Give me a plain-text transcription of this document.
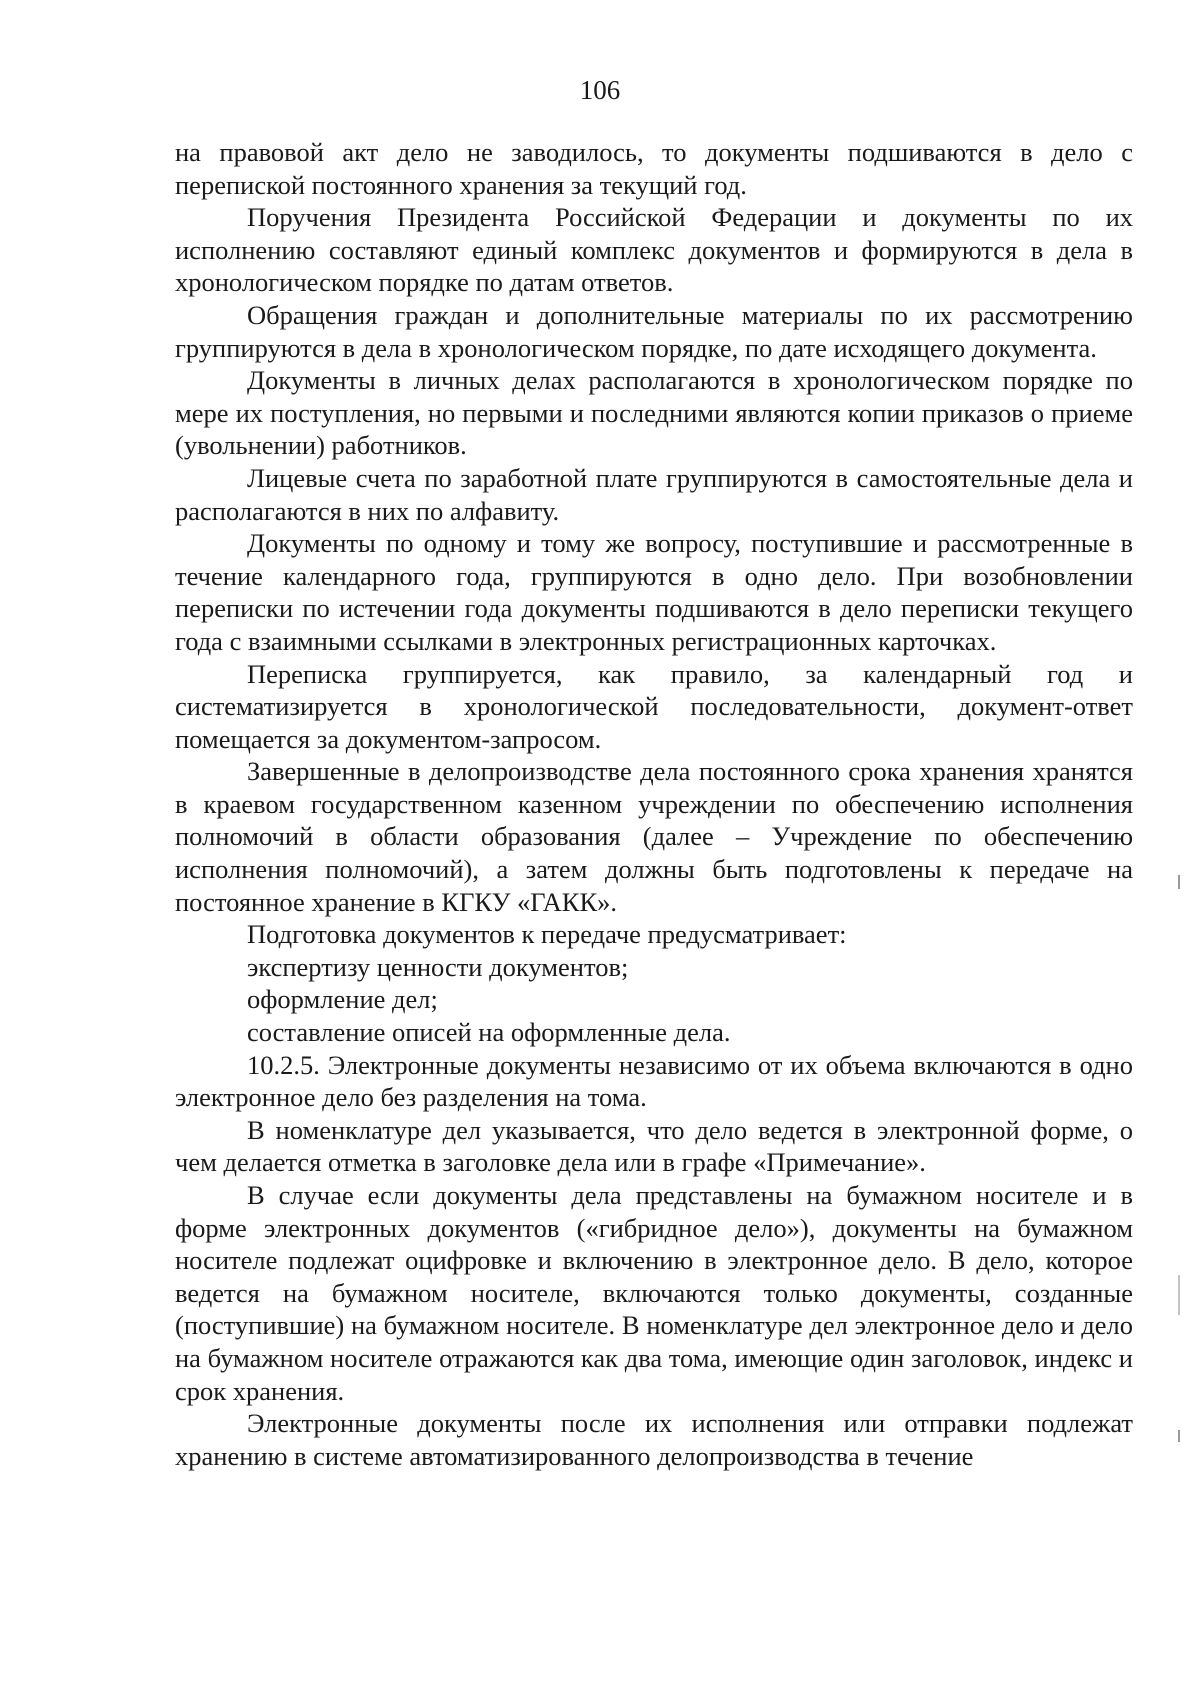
106

на правовой акт дело не заводилось, то документы подшиваются в дело с перепиской постоянного хранения за текущий год.

Поручения Президента Российской Федерации и документы по их исполнению составляют единый комплекс документов и формируются в дела в хронологическом порядке по датам ответов.

Обращения граждан и дополнительные материалы по их рассмотрению группируются в дела в хронологическом порядке, по дате исходящего документа.

Документы в личных делах располагаются в хронологическом порядке по мере их поступления, но первыми и последними являются копии приказов о приеме (увольнении) работников.

Лицевые счета по заработной плате группируются в самостоятельные дела и располагаются в них по алфавиту.

Документы по одному и тому же вопросу, поступившие и рассмотренные в течение календарного года, группируются в одно дело. При возобновлении переписки по истечении года документы подшиваются в дело переписки текущего года с взаимными ссылками в электронных регистрационных карточках.

Переписка группируется, как правило, за календарный год и систематизируется в хронологической последовательности, документ-ответ помещается за документом-запросом.

Завершенные в делопроизводстве дела постоянного срока хранения хранятся в краевом государственном казенном учреждении по обеспечению исполнения полномочий в области образования (далее – Учреждение по обеспечению исполнения полномочий), а затем должны быть подготовлены к передаче на постоянное хранение в КГКУ «ГАКК».

Подготовка документов к передаче предусматривает:

экспертизу ценности документов;

оформление дел;

составление описей на оформленные дела.

10.2.5. Электронные документы независимо от их объема включаются в одно электронное дело без разделения на тома.

В номенклатуре дел указывается, что дело ведется в электронной форме, о чем делается отметка в заголовке дела или в графе «Примечание».

В случае если документы дела представлены на бумажном носителе и в форме электронных документов («гибридное дело»), документы на бумажном носителе подлежат оцифровке и включению в электронное дело. В дело, которое ведется на бумажном носителе, включаются только документы, созданные (поступившие) на бумажном носителе. В номенклатуре дел электронное дело и дело на бумажном носителе отражаются как два тома, имеющие один заголовок, индекс и срок хранения.

Электронные документы после их исполнения или отправки подлежат хранению в системе автоматизированного делопроизводства в течение
